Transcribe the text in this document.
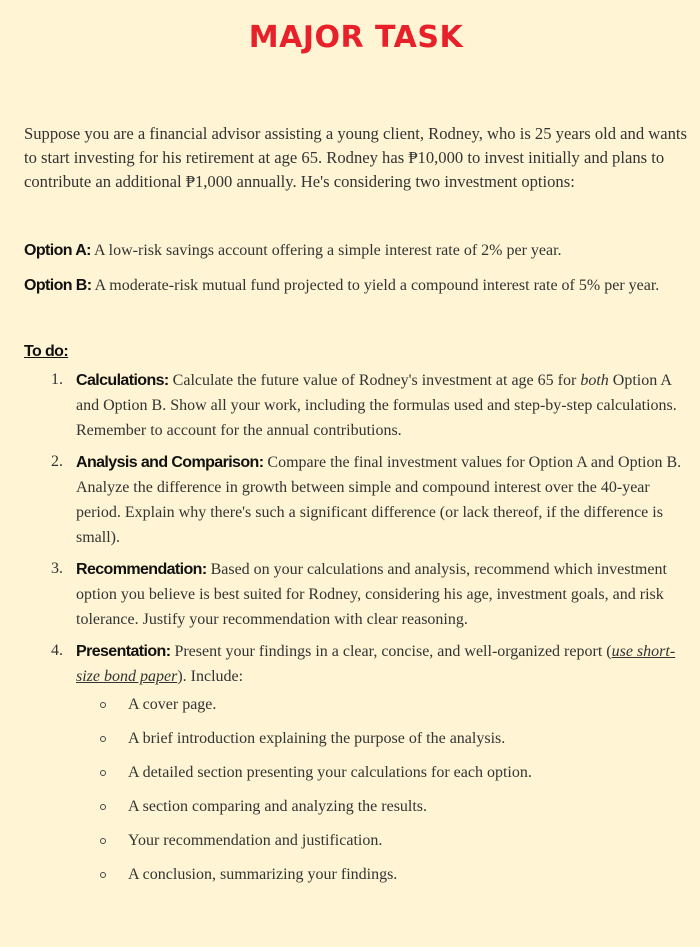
MAJOR TASK

Suppose you are a financial advisor assisting a young client, Rodney, who is 25 years old and wants to start investing for his retirement at age 65. Rodney has ₱10,000 to invest initially and plans to contribute an additional ₱1,000 annually. He's considering two investment options:

Option A: A low-risk savings account offering a simple interest rate of 2% per year.

Option B: A moderate-risk mutual fund projected to yield a compound interest rate of 5% per year.

To do:
1. Calculations: Calculate the future value of Rodney's investment at age 65 for both Option A and Option B. Show all your work, including the formulas used and step-by-step calculations. Remember to account for the annual contributions.
2. Analysis and Comparison: Compare the final investment values for Option A and Option B. Analyze the difference in growth between simple and compound interest over the 40-year period. Explain why there's such a significant difference (or lack thereof, if the difference is small).
3. Recommendation: Based on your calculations and analysis, recommend which investment option you believe is best suited for Rodney, considering his age, investment goals, and risk tolerance. Justify your recommendation with clear reasoning.
4. Presentation: Present your findings in a clear, concise, and well-organized report (use short-size bond paper). Include:
A cover page.
A brief introduction explaining the purpose of the analysis.
A detailed section presenting your calculations for each option.
A section comparing and analyzing the results.
Your recommendation and justification.
A conclusion, summarizing your findings.
